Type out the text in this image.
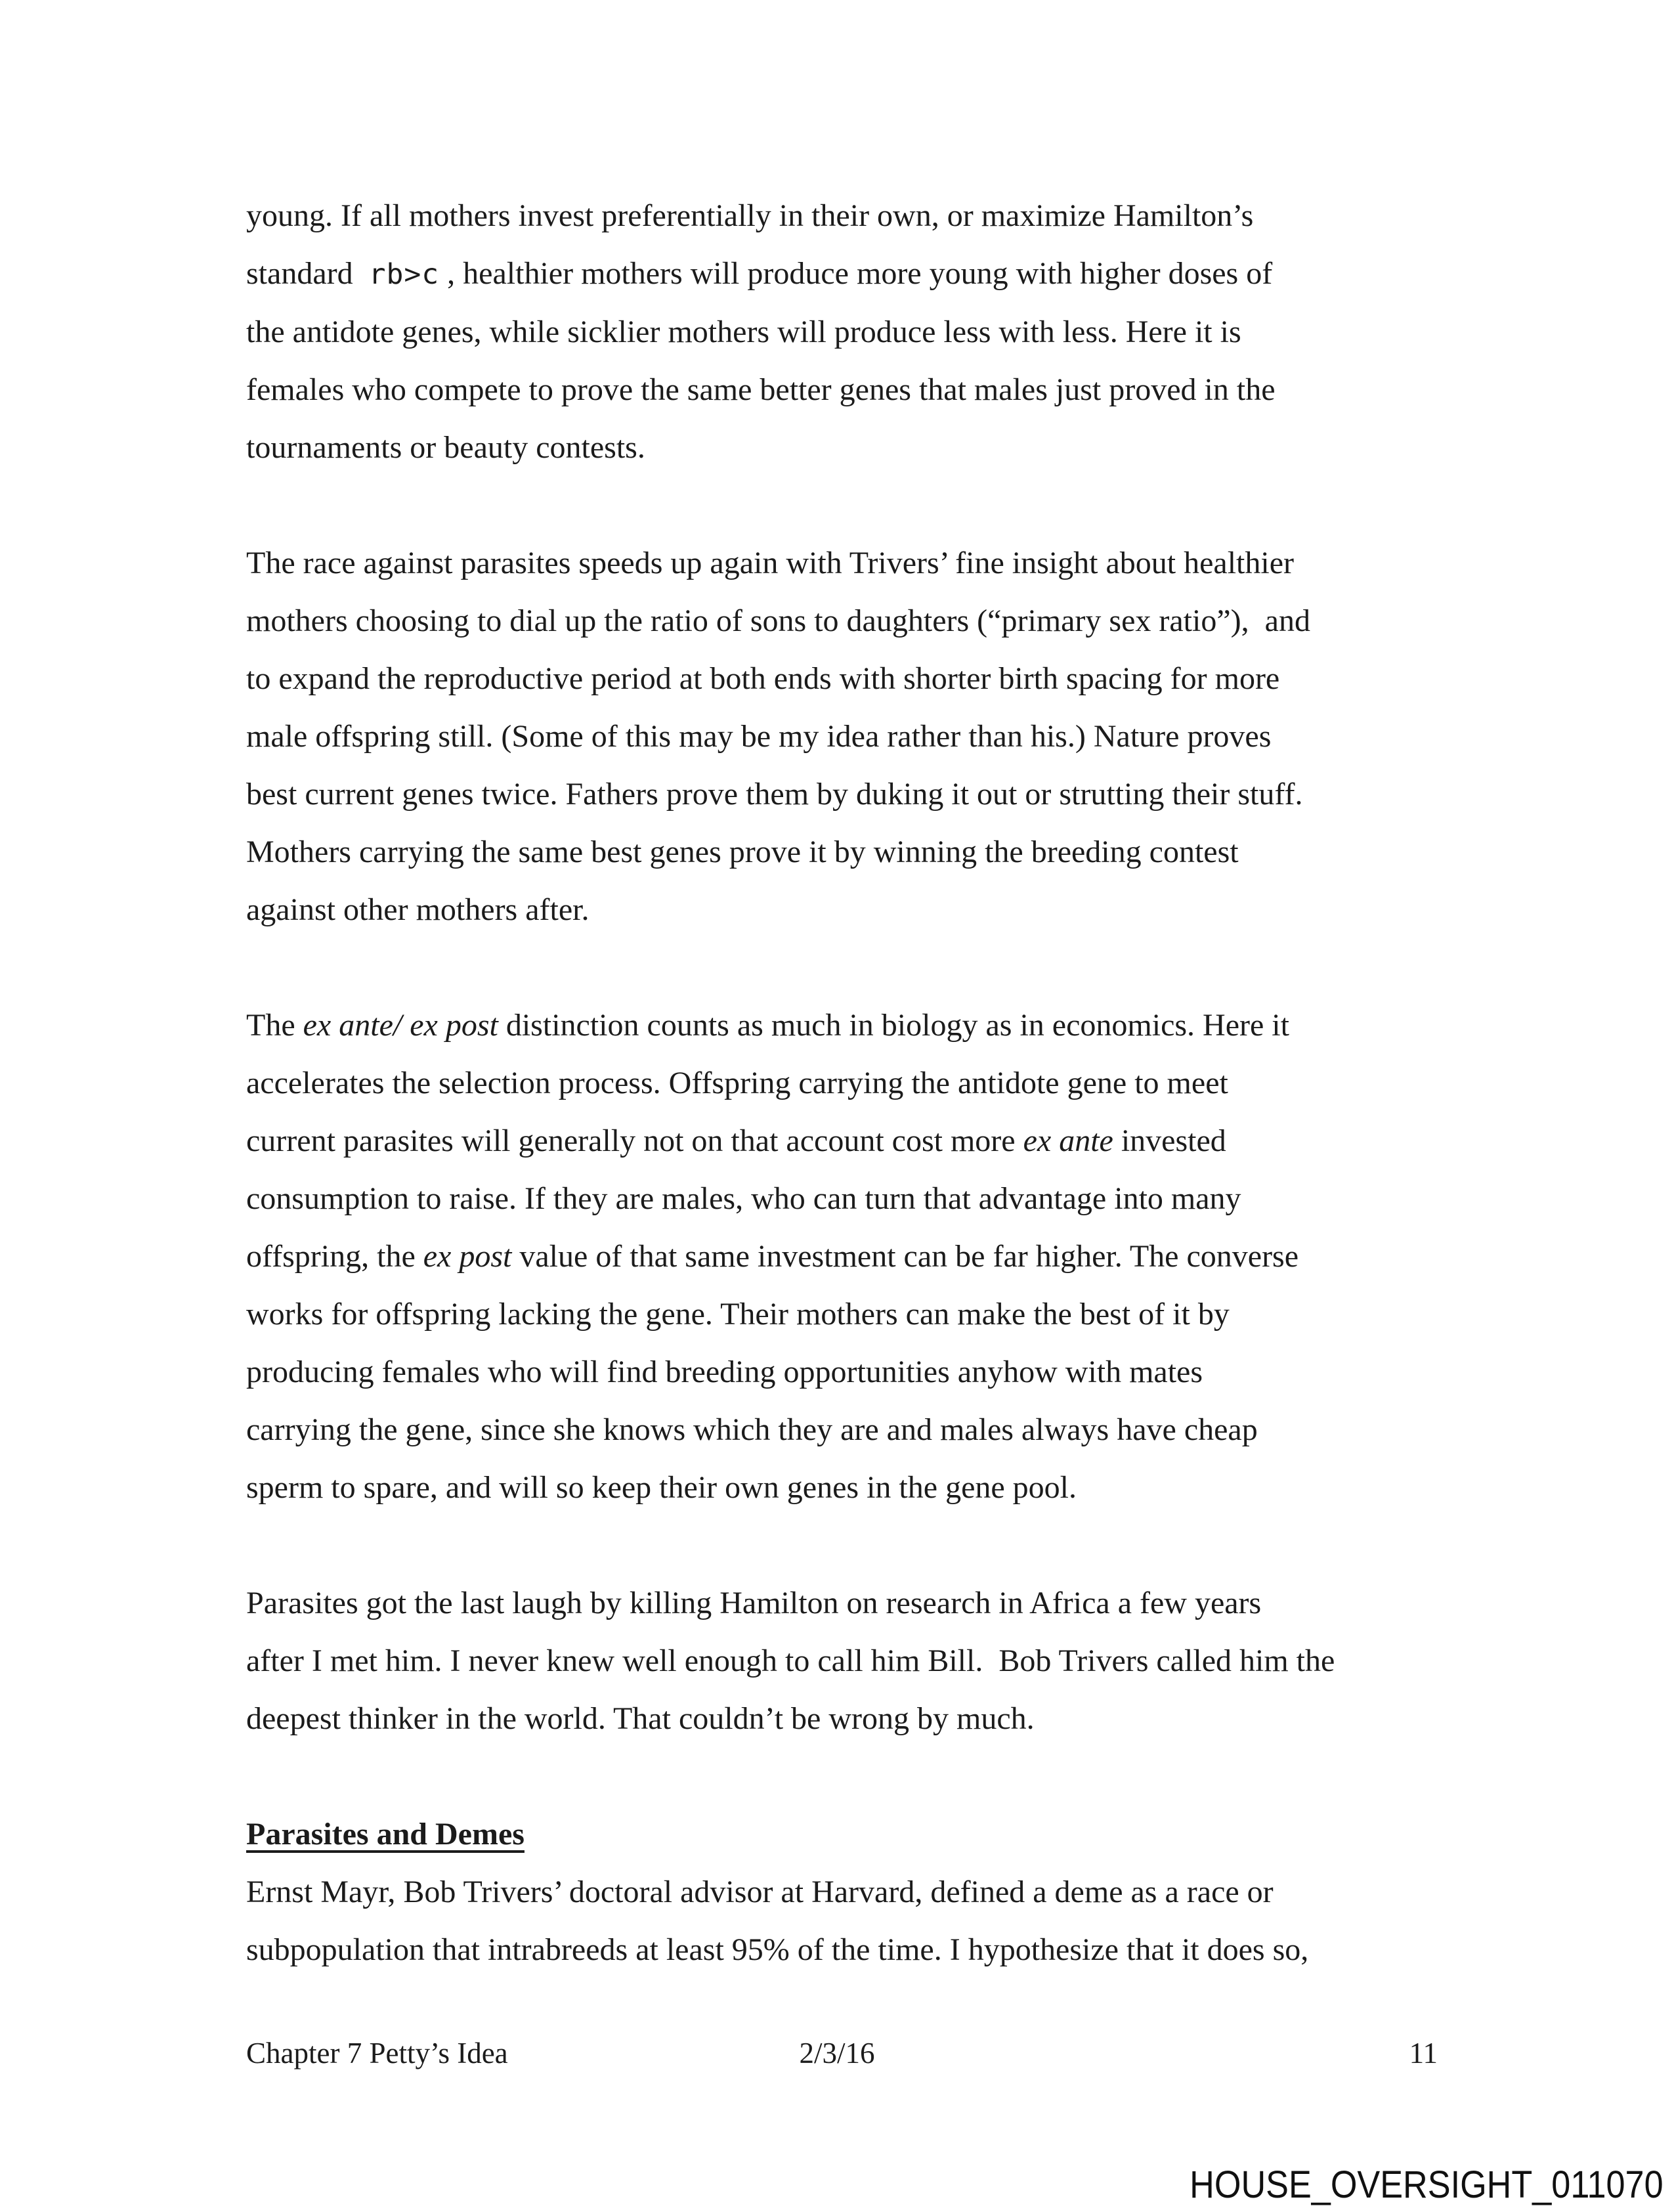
young. If all mothers invest preferentially in their own, or maximize Hamilton’s
standard  rb>c , healthier mothers will produce more young with higher doses of
the antidote genes, while sicklier mothers will produce less with less. Here it is
females who compete to prove the same better genes that males just proved in the
tournaments or beauty contests.
The race against parasites speeds up again with Trivers’ fine insight about healthier
mothers choosing to dial up the ratio of sons to daughters (“primary sex ratio”),  and
to expand the reproductive period at both ends with shorter birth spacing for more
male offspring still. (Some of this may be my idea rather than his.) Nature proves
best current genes twice. Fathers prove them by duking it out or strutting their stuff.
Mothers carrying the same best genes prove it by winning the breeding contest
against other mothers after.
The ex ante/ ex post distinction counts as much in biology as in economics. Here it
accelerates the selection process. Offspring carrying the antidote gene to meet
current parasites will generally not on that account cost more ex ante invested
consumption to raise. If they are males, who can turn that advantage into many
offspring, the ex post value of that same investment can be far higher. The converse
works for offspring lacking the gene. Their mothers can make the best of it by
producing females who will find breeding opportunities anyhow with mates
carrying the gene, since she knows which they are and males always have cheap
sperm to spare, and will so keep their own genes in the gene pool.
Parasites got the last laugh by killing Hamilton on research in Africa a few years
after I met him. I never knew well enough to call him Bill.  Bob Trivers called him the
deepest thinker in the world. That couldn’t be wrong by much.
Parasites and Demes
Ernst Mayr, Bob Trivers’ doctoral advisor at Harvard, defined a deme as a race or
subpopulation that intrabreeds at least 95% of the time. I hypothesize that it does so,
Chapter 7 Petty’s Idea	2/3/16	11
HOUSE_OVERSIGHT_011070
